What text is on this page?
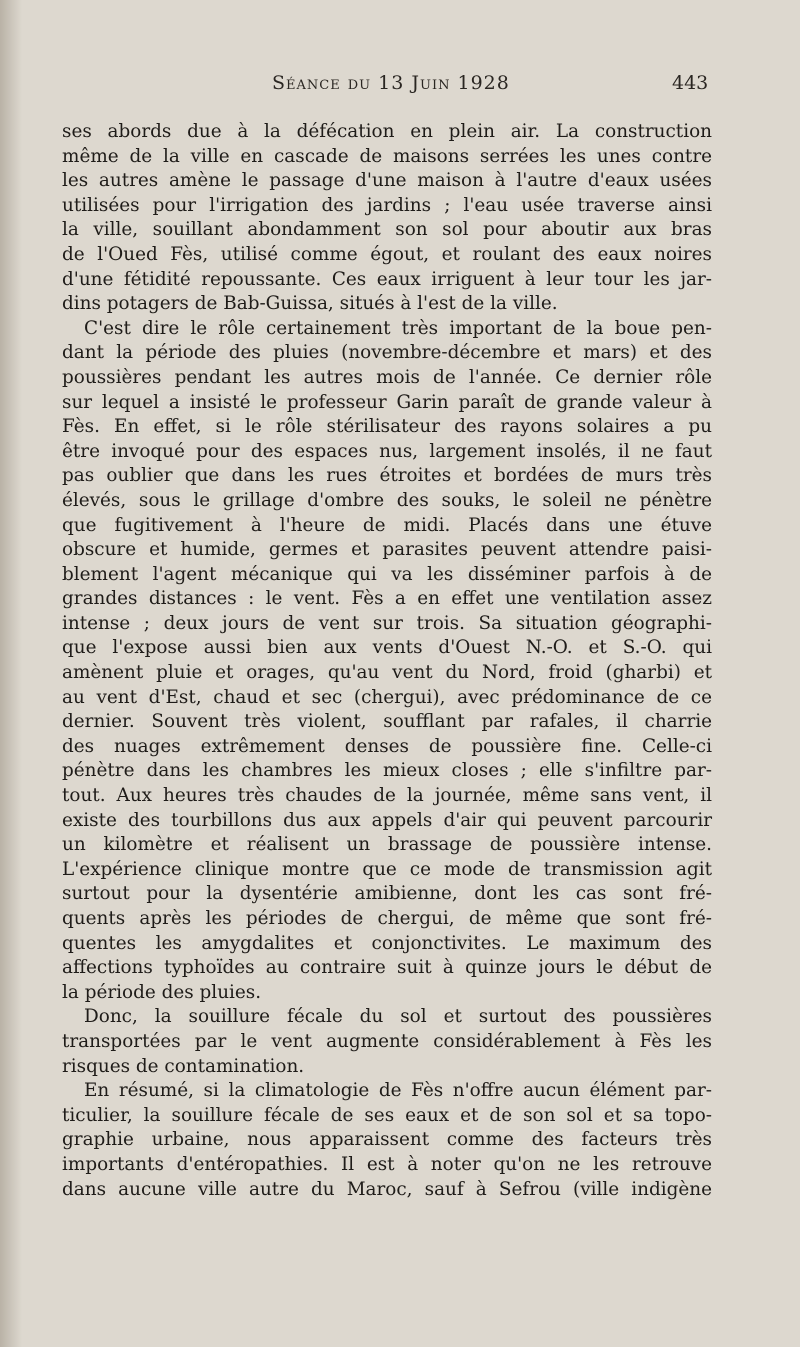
Séance du 13 Juin 1928	443
ses abords due à la défécation en plein air. La construction
même de la ville en cascade de maisons serrées les unes contre
les autres amène le passage d'une maison à l'autre d'eaux usées
utilisées pour l'irrigation des jardins ; l'eau usée traverse ainsi
la ville, souillant abondamment son sol pour aboutir aux bras
de l'Oued Fès, utilisé comme égout, et roulant des eaux noires
d'une fétidité repoussante. Ces eaux irriguent à leur tour les jar-
dins potagers de Bab-Guissa, situés à l'est de la ville.
C'est dire le rôle certainement très important de la boue pen-
dant la période des pluies (novembre-décembre et mars) et des
poussières pendant les autres mois de l'année. Ce dernier rôle
sur lequel a insisté le professeur Garin paraît de grande valeur à
Fès. En effet, si le rôle stérilisateur des rayons solaires a pu
être invoqué pour des espaces nus, largement insolés, il ne faut
pas oublier que dans les rues étroites et bordées de murs très
élevés, sous le grillage d'ombre des souks, le soleil ne pénètre
que fugitivement à l'heure de midi. Placés dans une étuve
obscure et humide, germes et parasites peuvent attendre paisi-
blement l'agent mécanique qui va les disséminer parfois à de
grandes distances : le vent. Fès a en effet une ventilation assez
intense ; deux jours de vent sur trois. Sa situation géographi-
que l'expose aussi bien aux vents d'Ouest N.-O. et S.-O. qui
amènent pluie et orages, qu'au vent du Nord, froid (gharbi) et
au vent d'Est, chaud et sec (chergui), avec prédominance de ce
dernier. Souvent très violent, soufflant par rafales, il charrie
des nuages extrêmement denses de poussière fine. Celle-ci
pénètre dans les chambres les mieux closes ; elle s'infiltre par-
tout. Aux heures très chaudes de la journée, même sans vent, il
existe des tourbillons dus aux appels d'air qui peuvent parcourir
un kilomètre et réalisent un brassage de poussière intense.
L'expérience clinique montre que ce mode de transmission agit
surtout pour la dysentérie amibienne, dont les cas sont fré-
quents après les périodes de chergui, de même que sont fré-
quentes les amygdalites et conjonctivites. Le maximum des
affections typhoïdes au contraire suit à quinze jours le début de
la période des pluies.
Donc, la souillure fécale du sol et surtout des poussières
transportées par le vent augmente considérablement à Fès les
risques de contamination.
En résumé, si la climatologie de Fès n'offre aucun élément par-
ticulier, la souillure fécale de ses eaux et de son sol et sa topo-
graphie urbaine, nous apparaissent comme des facteurs très
importants d'entéropathies. Il est à noter qu'on ne les retrouve
dans aucune ville autre du Maroc, sauf à Sefrou (ville indigène
